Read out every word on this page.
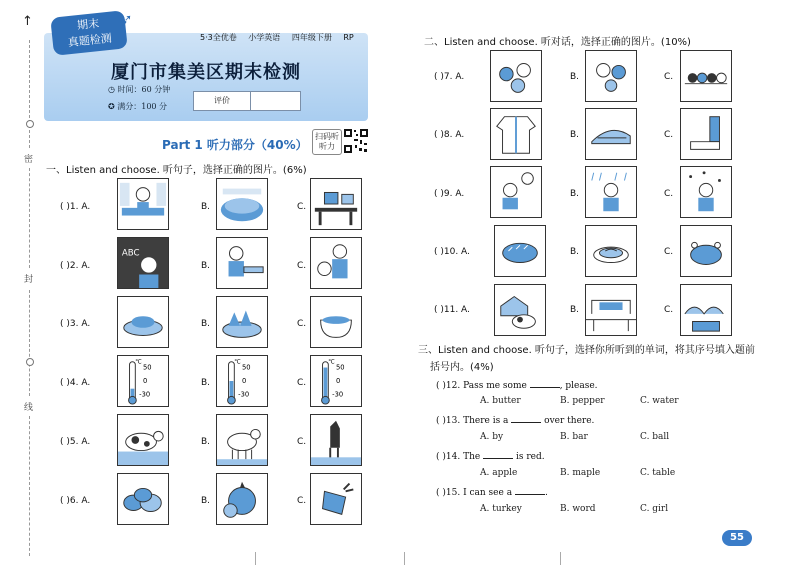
↑
密
封
线
期末
真题检测
➶
5·3全优卷 小学英语 四年级下册 RP
厦门市集美区期末检测
◷ 时间：60 分钟
✪ 满分：100 分
评价
Part 1 听力部分（40%）
扫码听听力
一、Listen and choose. 听句子，选择正确的图片。(6%)
( )1. A.	B.	C.
( )2. A.
ABC
B.	C.
( )3. A.	B.	C.
( )4. A.
℃
50
0
-30
B.
℃
50
0
-30
C.
℃
50
0
-30
( )5. A.	B.	C.
( )6. A.	B.	C.
二、Listen and choose. 听对话，选择正确的图片。(10%)
( )7. A.	B.	C.
( )8. A.	B.	C.
( )9. A.	B.	C.
( )10. A.	B.	C.
( )11. A.	B.	C.
三、Listen and choose. 听句子，选择你所听到的单词，将其序号填入题前
括号内。(4%)
( )12. Pass me some	, please.
A. butter	B. pepper	C. water
( )13. There is a	over there.
A. by	B. bar	C. ball
( )14. The	is red.
A. apple	B. maple	C. table
( )15. I can see a	.
A. turkey	B. word	C. girl
55
